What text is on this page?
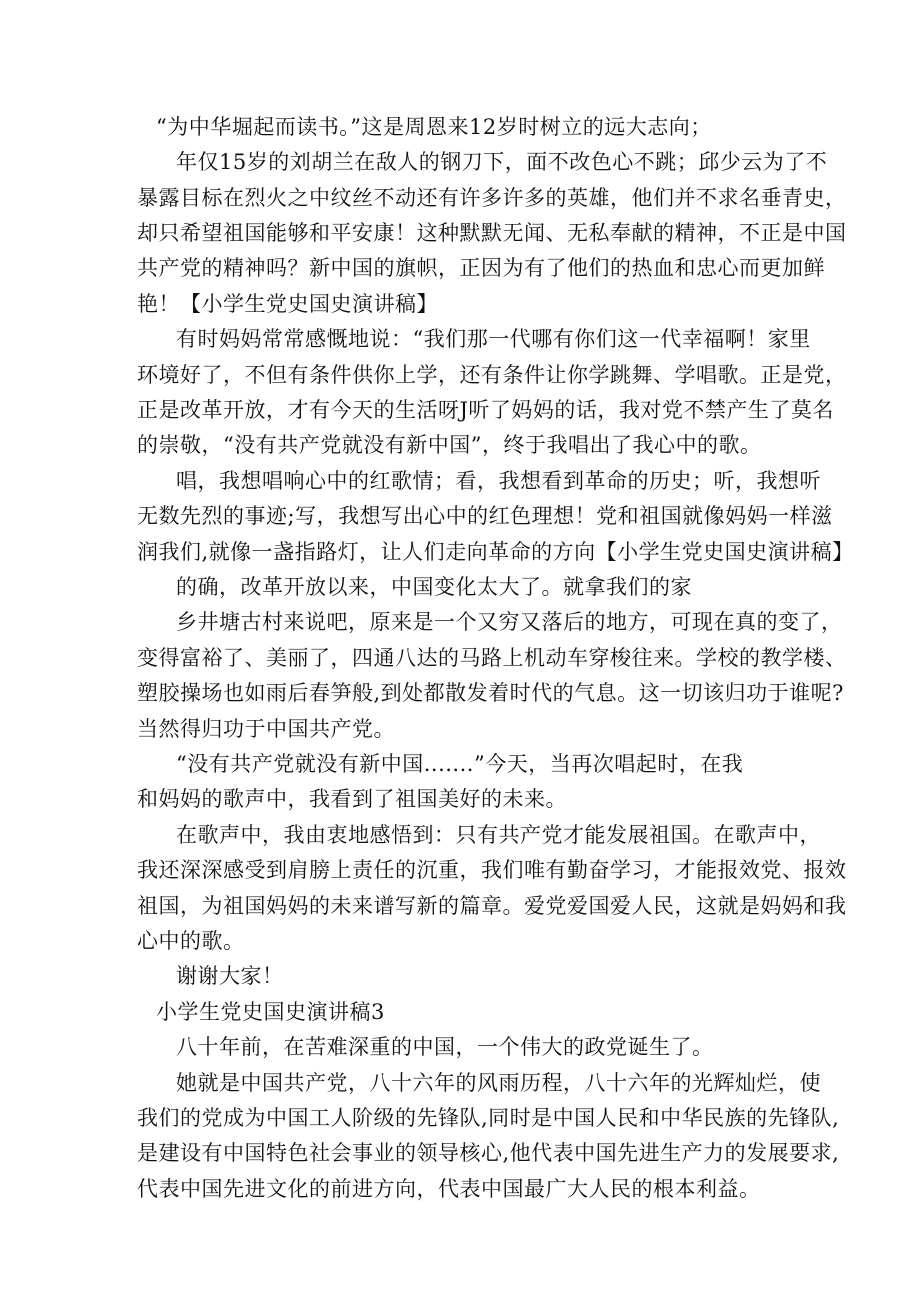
“为中华堀起而读书。”这是周恩来12岁时树立的远大志向；
年仅15岁的刘胡兰在敌人的钢刀下，面不改色心不跳；邱少云为了不
暴露目标在烈火之中纹丝不动还有许多许多的英雄，他们并不求名垂青史，
却只希望祖国能够和平安康！这种默默无闻、无私奉献的精神，不正是中国
共产党的精神吗？新中国的旗帜，正因为有了他们的热血和忠心而更加鲜
艳！【小学生党史国史演讲稿】
有时妈妈常常感慨地说：“我们那一代哪有你们这一代幸福啊！家里
环境好了，不但有条件供你上学，还有条件让你学跳舞、学唱歌。正是党，
正是改革开放，才有今天的生活呀J听了妈妈的话，我对党不禁产生了莫名
的崇敬，“没有共产党就没有新中国”，终于我唱出了我心中的歌。
唱，我想唱响心中的红歌情；看，我想看到革命的历史；听，我想听
无数先烈的事迹;写，我想写出心中的红色理想！党和祖国就像妈妈一样滋
润我们,就像一盏指路灯，让人们走向革命的方向【小学生党史国史演讲稿】
的确，改革开放以来，中国变化太大了。就拿我们的家
乡井塘古村来说吧，原来是一个又穷又落后的地方，可现在真的变了，
变得富裕了、美丽了，四通八达的马路上机动车穿梭往来。学校的教学楼、
塑胶操场也如雨后春笋般,到处都散发着时代的气息。这一切该归功于谁呢?
当然得归功于中国共产党。
“没有共产党就没有新中国.......”今天，当再次唱起时，在我
和妈妈的歌声中，我看到了祖国美好的未来。
在歌声中，我由衷地感悟到：只有共产党才能发展祖国。在歌声中，
我还深深感受到肩膀上责任的沉重，我们唯有勤奋学习，才能报效党、报效
祖国，为祖国妈妈的未来谱写新的篇章。爱党爱国爱人民，这就是妈妈和我
心中的歌。
谢谢大家！
小学生党史国史演讲稿3
八十年前，在苦难深重的中国，一个伟大的政党诞生了。
她就是中国共产党，八十六年的风雨历程，八十六年的光辉灿烂，使
我们的党成为中国工人阶级的先锋队,同时是中国人民和中华民族的先锋队,
是建设有中国特色社会事业的领导核心,他代表中国先进生产力的发展要求,
代表中国先进文化的前进方向，代表中国最广大人民的根本利益。
